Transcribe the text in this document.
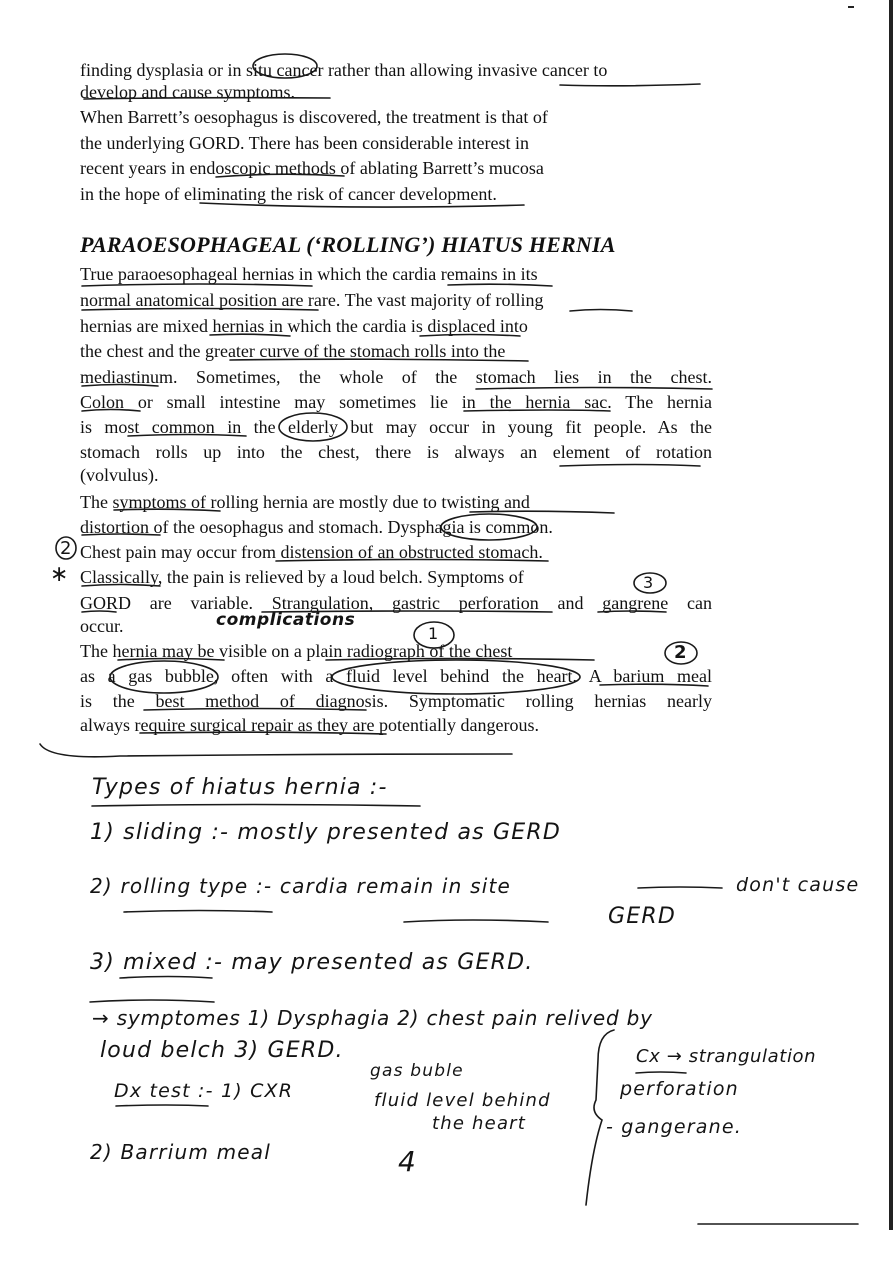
finding dysplasia or in situ cancer rather than allowing invasive cancer to
develop and cause symptoms.
When Barrett’s oesophagus is discovered, the treatment is that of
the underlying GORD. There has been considerable interest in
recent years in endoscopic methods of ablating Barrett’s mucosa
in the hope of eliminating the risk of cancer development.
PARAOESOPHAGEAL (‘ROLLING’) HIATUS HERNIA
True paraoesophageal hernias in which the cardia remains in its
normal anatomical position are rare. The vast majority of rolling
hernias are mixed hernias in which the cardia is displaced into
the chest and the greater curve of the stomach rolls into the
mediastinum. Sometimes, the whole of the stomach lies in the chest.
Colon or small intestine may sometimes lie in the hernia sac. The hernia
is most common in the elderly but may occur in young fit people. As the
stomach rolls up into the chest, there is always an element of rotation
(volvulus).
The symptoms of rolling hernia are mostly due to twisting and
distortion of the oesophagus and stomach. Dysphagia is common.
Chest pain may occur from distension of an obstructed stomach.
Classically, the pain is relieved by a loud belch. Symptoms of
GORD are variable. Strangulation, gastric perforation and gangrene can
occur.
The hernia may be visible on a plain radiograph of the chest
as a gas bubble, often with a fluid level behind the heart. A barium meal
is the best method of diagnosis. Symptomatic rolling hernias nearly
always require surgical repair as they are potentially dangerous.
complications
2
∗
1
2
3
Types of hiatus hernia :-
1) sliding :- mostly presented as GERD
2) rolling type :- cardia remain in site	don't cause
GERD
3) mixed :- may presented as GERD.
→ symptomes 1) Dysphagia 2) chest pain relived by
loud belch 3) GERD.
Dx test :- 1) CXR
gas buble
fluid level behind
the heart
2) Barrium meal	4
Cx → strangulation
perforation
- gangerane.
